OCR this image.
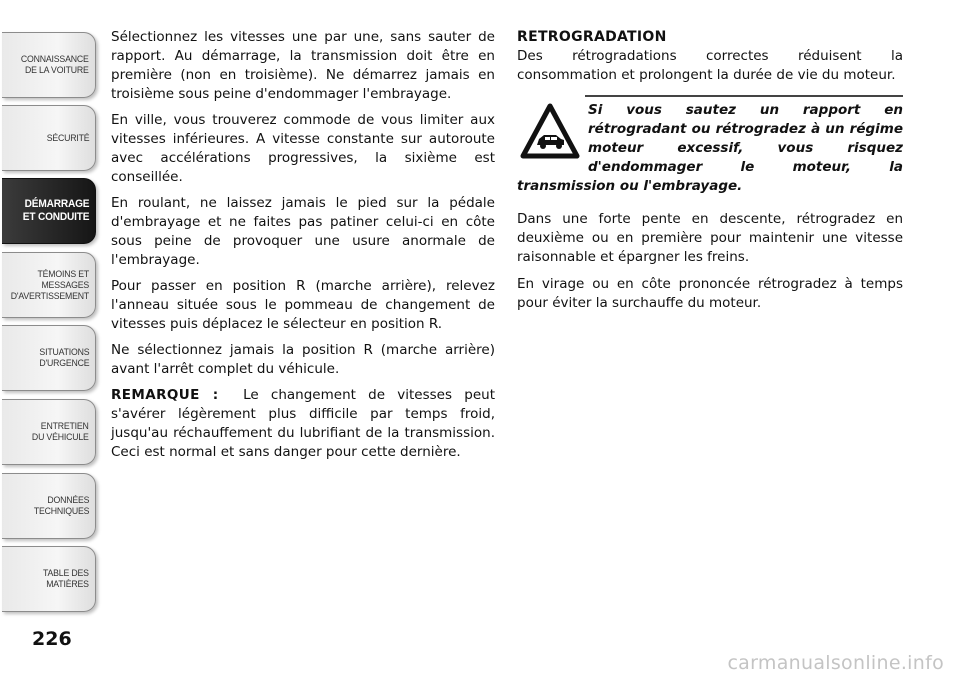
CONNAISSANCE
DE LA VOITURE
SÉCURITÉ
DÉMARRAGE
ET CONDUITE
TÉMOINS ET
MESSAGES
D'AVERTISSEMENT
SITUATIONS
D'URGENCE
ENTRETIEN
DU VÉHICULE
DONNÉES
TECHNIQUES
TABLE DES
MATIÈRES
226

Sélectionnez les vitesses une par une, sans sauter de rapport. Au démarrage, la transmission doit être en première (non en troisième). Ne démarrez jamais en troisième sous peine d'endommager l'embrayage.

En ville, vous trouverez commode de vous limiter aux vitesses inférieures. A vitesse constante sur autoroute avec accélérations progressives, la sixième est conseillée.

En roulant, ne laissez jamais le pied sur la pédale d'embrayage et ne faites pas patiner celui-ci en côte sous peine de provoquer une usure anormale de l'embrayage.

Pour passer en position R (marche arrière), relevez l'anneau située sous le pommeau de changement de vitesses puis déplacez le sélecteur en position R.

Ne sélectionnez jamais la position R (marche arrière) avant l'arrêt complet du véhicule.

REMARQUE : Le changement de vitesses peut s'avérer légèrement plus difficile par temps froid, jusqu'au réchauffement du lubrifiant de la transmission. Ceci est normal et sans danger pour cette dernière.

RETROGRADATION

Des rétrogradations correctes réduisent la consommation et prolongent la durée de vie du moteur.

Si vous sautez un rapport en rétrogradant ou rétrogradez à un régime moteur excessif, vous risquez d'endommager le moteur, la transmission ou l'embrayage.

Dans une forte pente en descente, rétrogradez en deuxième ou en première pour maintenir une vitesse raisonnable et épargner les freins.

En virage ou en côte prononcée rétrogradez à temps pour éviter la surchauffe du moteur.

carmanualsonline.info
